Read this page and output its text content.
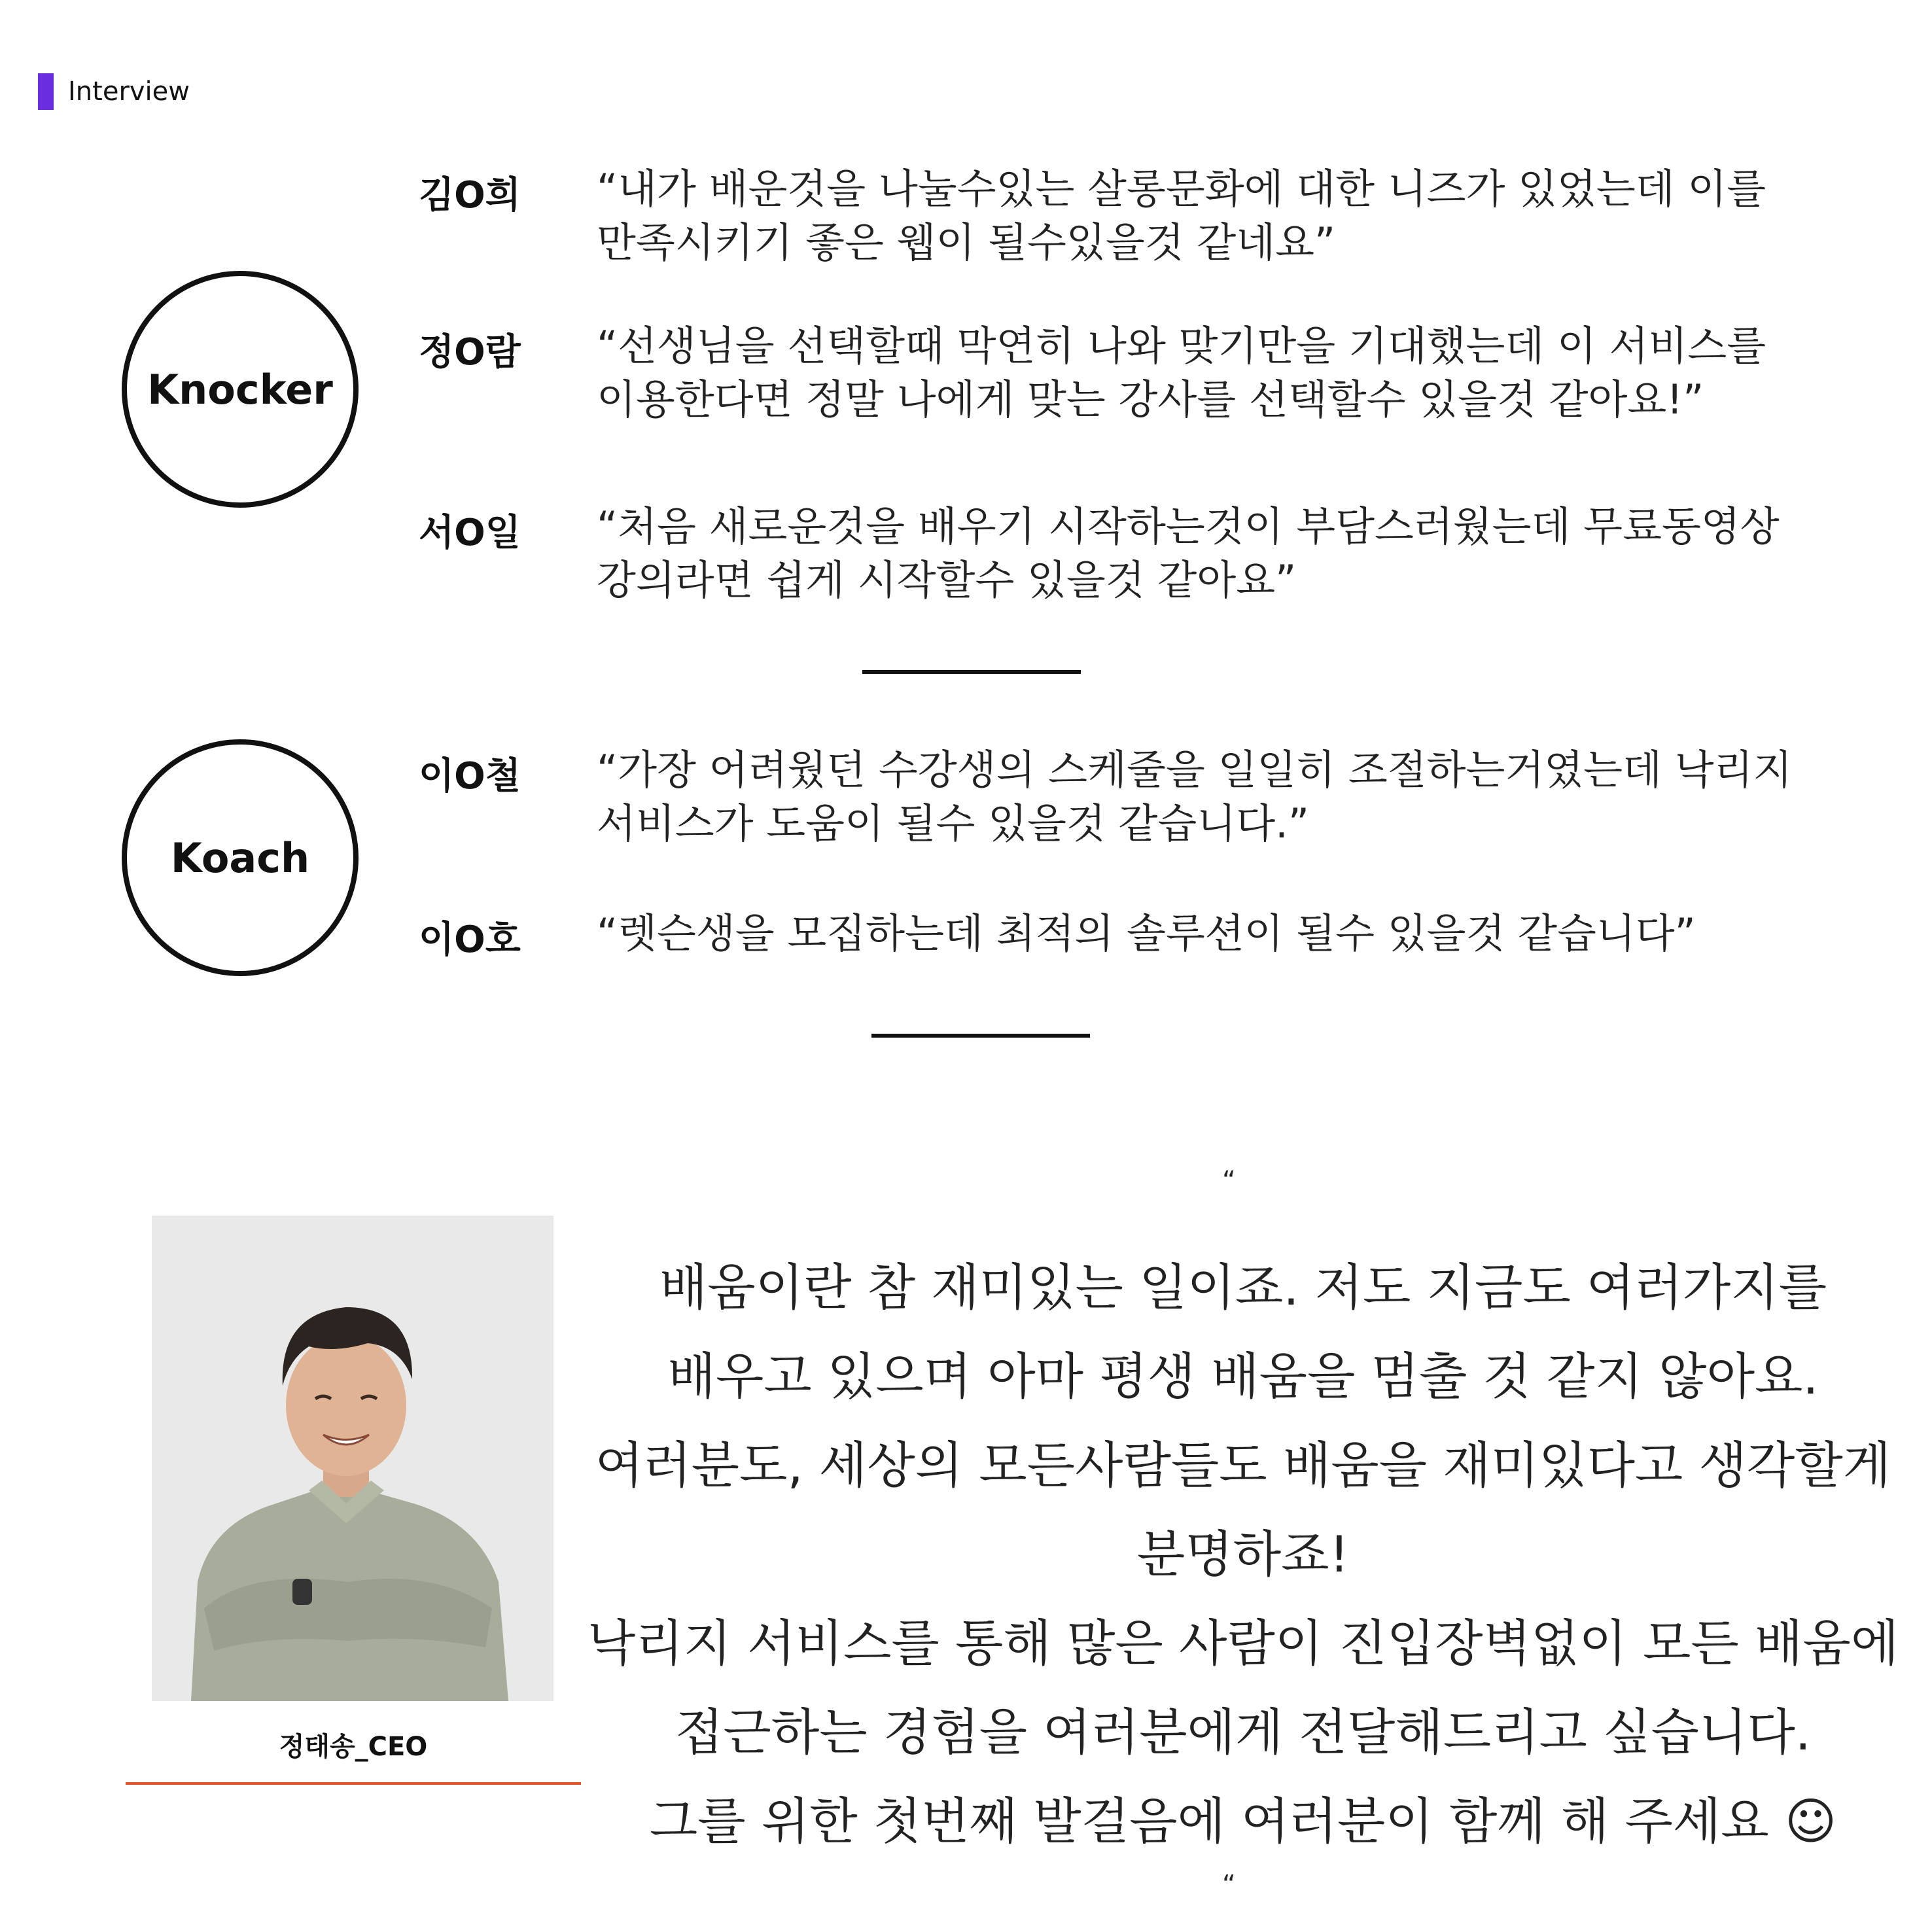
Interview
Knocker
김O희 “내가 배운것을 나눌수있는 살롱문화에 대한 니즈가 있었는데 이를
만족시키기 좋은 웹이 될수있을것 같네요”
정O람 “선생님을 선택할때 막연히 나와 맞기만을 기대했는데 이 서비스를
이용한다면 정말 나에게 맞는 강사를 선택할수 있을것 같아요!”
서O일 “처음 새로운것을 배우기 시작하는것이 부담스러웠는데 무료동영상
강의라면 쉽게 시작할수 있을것 같아요”
Koach
이O철 “가장 어려웠던 수강생의 스케줄을 일일히 조절하는거였는데 낙리지
서비스가 도움이 될수 있을것 같습니다.”
이O호 “렛슨생을 모집하는데 최적의 솔루션이 될수 있을것 같습니다”
정태송_CEO
“
배움이란 참 재미있는 일이죠. 저도 지금도 여러가지를
배우고 있으며 아마 평생 배움을 멈출 것 같지 않아요.
여러분도, 세상의 모든사람들도 배움을 재미있다고 생각할게
분명하죠!
낙리지 서비스를 통해 많은 사람이 진입장벽없이 모든 배움에
접근하는 경험을 여러분에게 전달해드리고 싶습니다.
그를 위한 첫번째 발걸음에 여러분이 함께 해 주세요 ☺
“
